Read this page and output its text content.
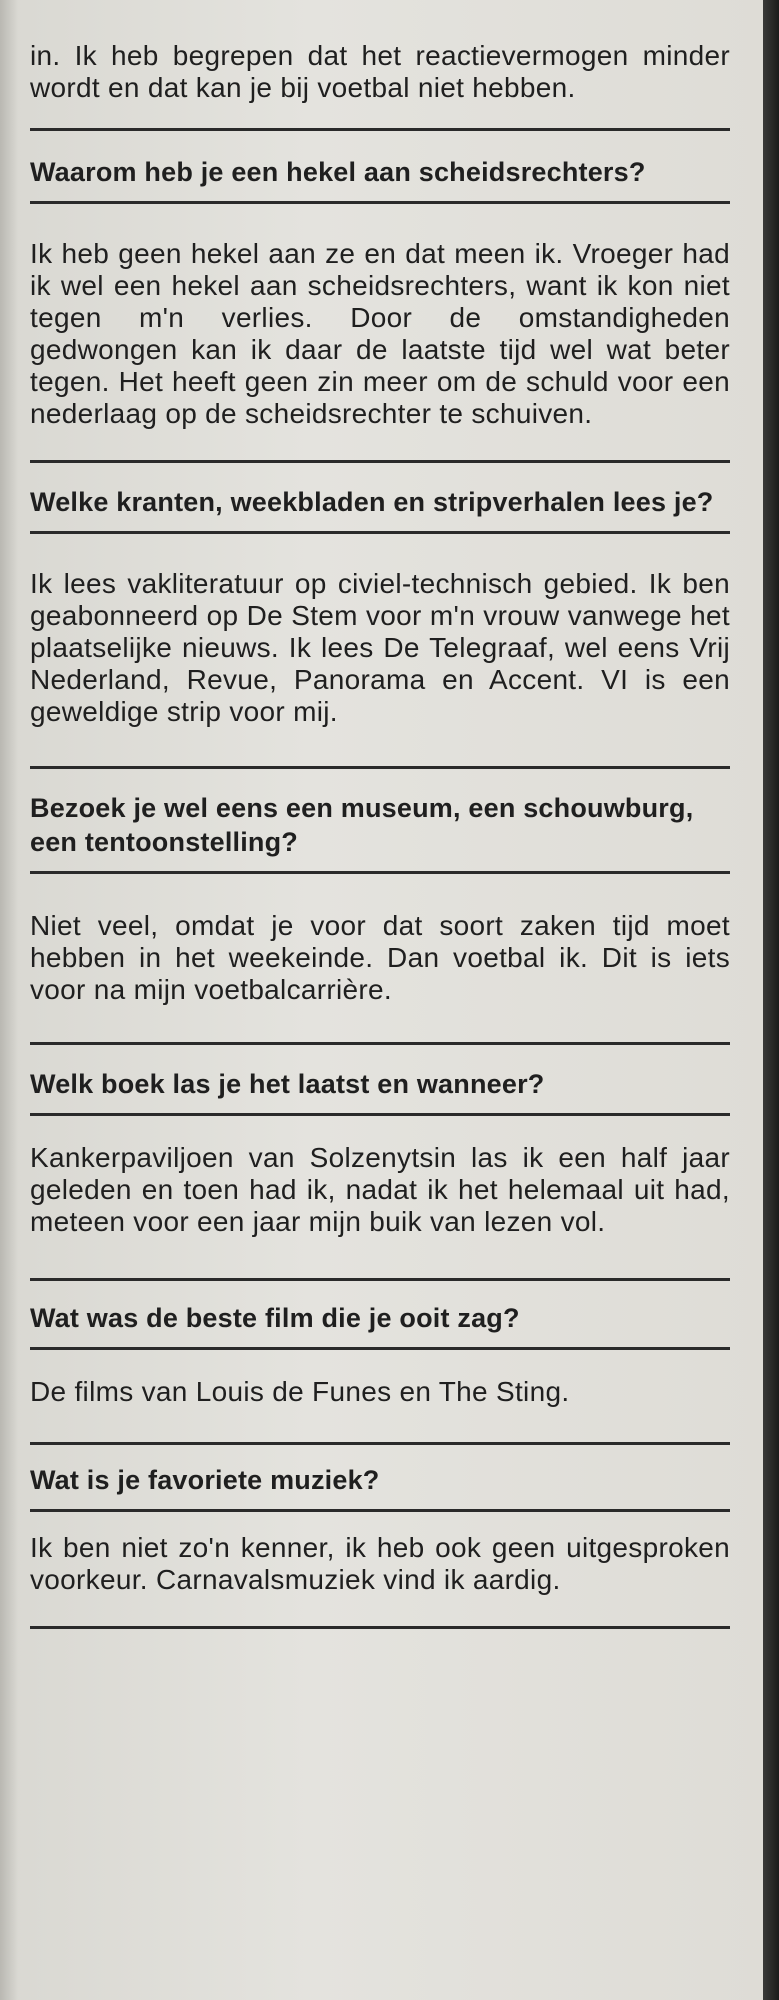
in. Ik heb begrepen dat het reactievermogen minder wordt en dat kan je bij voetbal niet hebben.

Waarom heb je een hekel aan scheidsrechters?

Ik heb geen hekel aan ze en dat meen ik. Vroeger had ik wel een hekel aan scheidsrechters, want ik kon niet tegen m'n verlies. Door de omstandigheden gedwongen kan ik daar de laatste tijd wel wat beter tegen. Het heeft geen zin meer om de schuld voor een nederlaag op de scheidsrechter te schuiven.

Welke kranten, weekbladen en stripverhalen lees je?

Ik lees vakliteratuur op civiel-technisch gebied. Ik ben geabonneerd op De Stem voor m'n vrouw vanwege het plaatselijke nieuws. Ik lees De Telegraaf, wel eens Vrij Nederland, Revue, Panorama en Accent. VI is een geweldige strip voor mij.

Bezoek je wel eens een museum, een schouwburg, een tentoonstelling?

Niet veel, omdat je voor dat soort zaken tijd moet hebben in het weekeinde. Dan voetbal ik. Dit is iets voor na mijn voetbalcarrière.

Welk boek las je het laatst en wanneer?

Kankerpaviljoen van Solzenytsin las ik een half jaar geleden en toen had ik, nadat ik het helemaal uit had, meteen voor een jaar mijn buik van lezen vol.

Wat was de beste film die je ooit zag?

De films van Louis de Funes en The Sting.

Wat is je favoriete muziek?

Ik ben niet zo'n kenner, ik heb ook geen uitgesproken voorkeur. Carnavalsmuziek vind ik aardig.
